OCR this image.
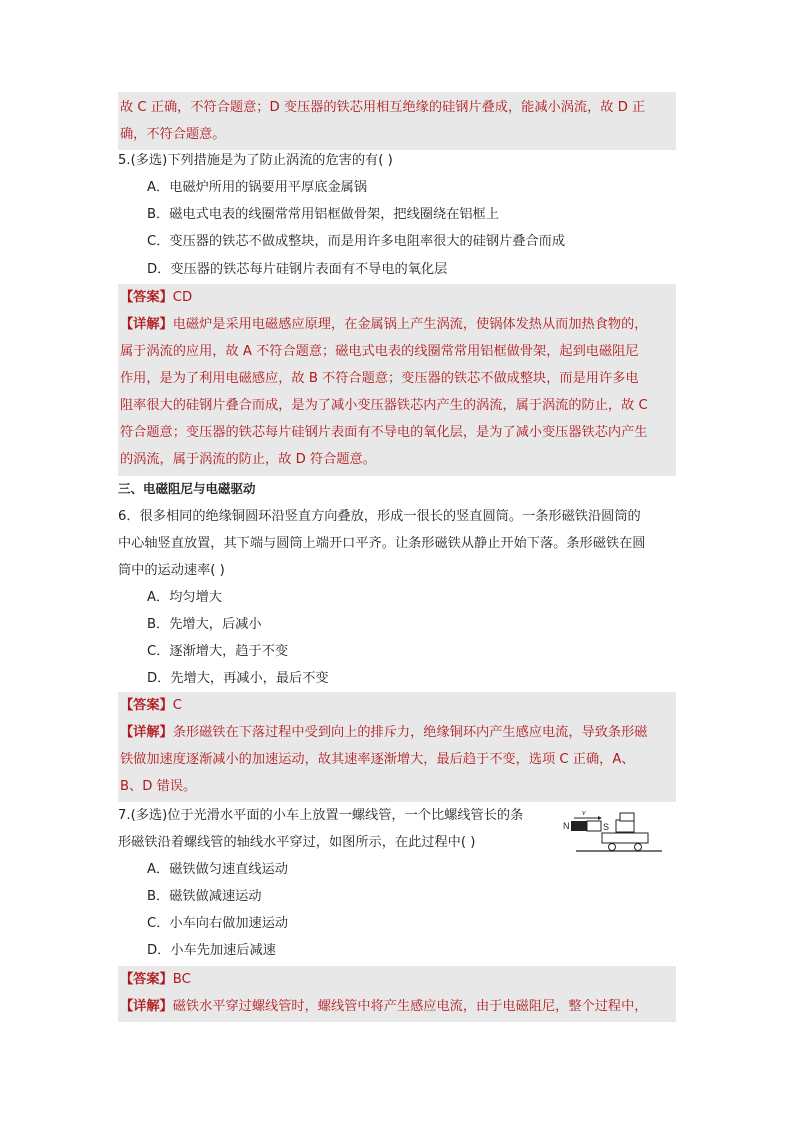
故 C 正确，不符合题意；D 变压器的铁芯用相互绝缘的硅钢片叠成，能减小涡流，故 D 正
确，不符合题意。
5.(多选)下列措施是为了防止涡流的危害的有( )
A．电磁炉所用的锅要用平厚底金属锅
B．磁电式电表的线圈常常用铝框做骨架，把线圈绕在铝框上
C．变压器的铁芯不做成整块，而是用许多电阻率很大的硅钢片叠合而成
D．变压器的铁芯每片硅钢片表面有不导电的氧化层
【答案】CD
【详解】电磁炉是采用电磁感应原理，在金属锅上产生涡流，使锅体发热从而加热食物的，
属于涡流的应用，故 A 不符合题意；磁电式电表的线圈常常用铝框做骨架，起到电磁阻尼
作用，是为了利用电磁感应，故 B 不符合题意；变压器的铁芯不做成整块，而是用许多电
阻率很大的硅钢片叠合而成，是为了减小变压器铁芯内产生的涡流，属于涡流的防止，故 C
符合题意；变压器的铁芯每片硅钢片表面有不导电的氧化层，是为了减小变压器铁芯内产生
的涡流，属于涡流的防止，故 D 符合题意。
三、电磁阻尼与电磁驱动
6．很多相同的绝缘铜圆环沿竖直方向叠放，形成一很长的竖直圆筒。一条形磁铁沿圆筒的
中心轴竖直放置，其下端与圆筒上端开口平齐。让条形磁铁从静止开始下落。条形磁铁在圆
筒中的运动速率( )
A．均匀增大
B．先增大，后减小
C．逐渐增大，趋于不变
D．先增大，再减小，最后不变
【答案】C
【详解】条形磁铁在下落过程中受到向上的排斥力，绝缘铜环内产生感应电流，导致条形磁
铁做加速度逐渐减小的加速运动，故其速率逐渐增大，最后趋于不变，选项 C 正确，A、
B、D 错误。
7.(多选)位于光滑水平面的小车上放置一螺线管，一个比螺线管长的条
形磁铁沿着螺线管的轴线水平穿过，如图所示，在此过程中( )
v
N	S
A．磁铁做匀速直线运动
B．磁铁做减速运动
C．小车向右做加速运动
D．小车先加速后减速
【答案】BC
【详解】磁铁水平穿过螺线管时，螺线管中将产生感应电流，由于电磁阻尼，整个过程中，
